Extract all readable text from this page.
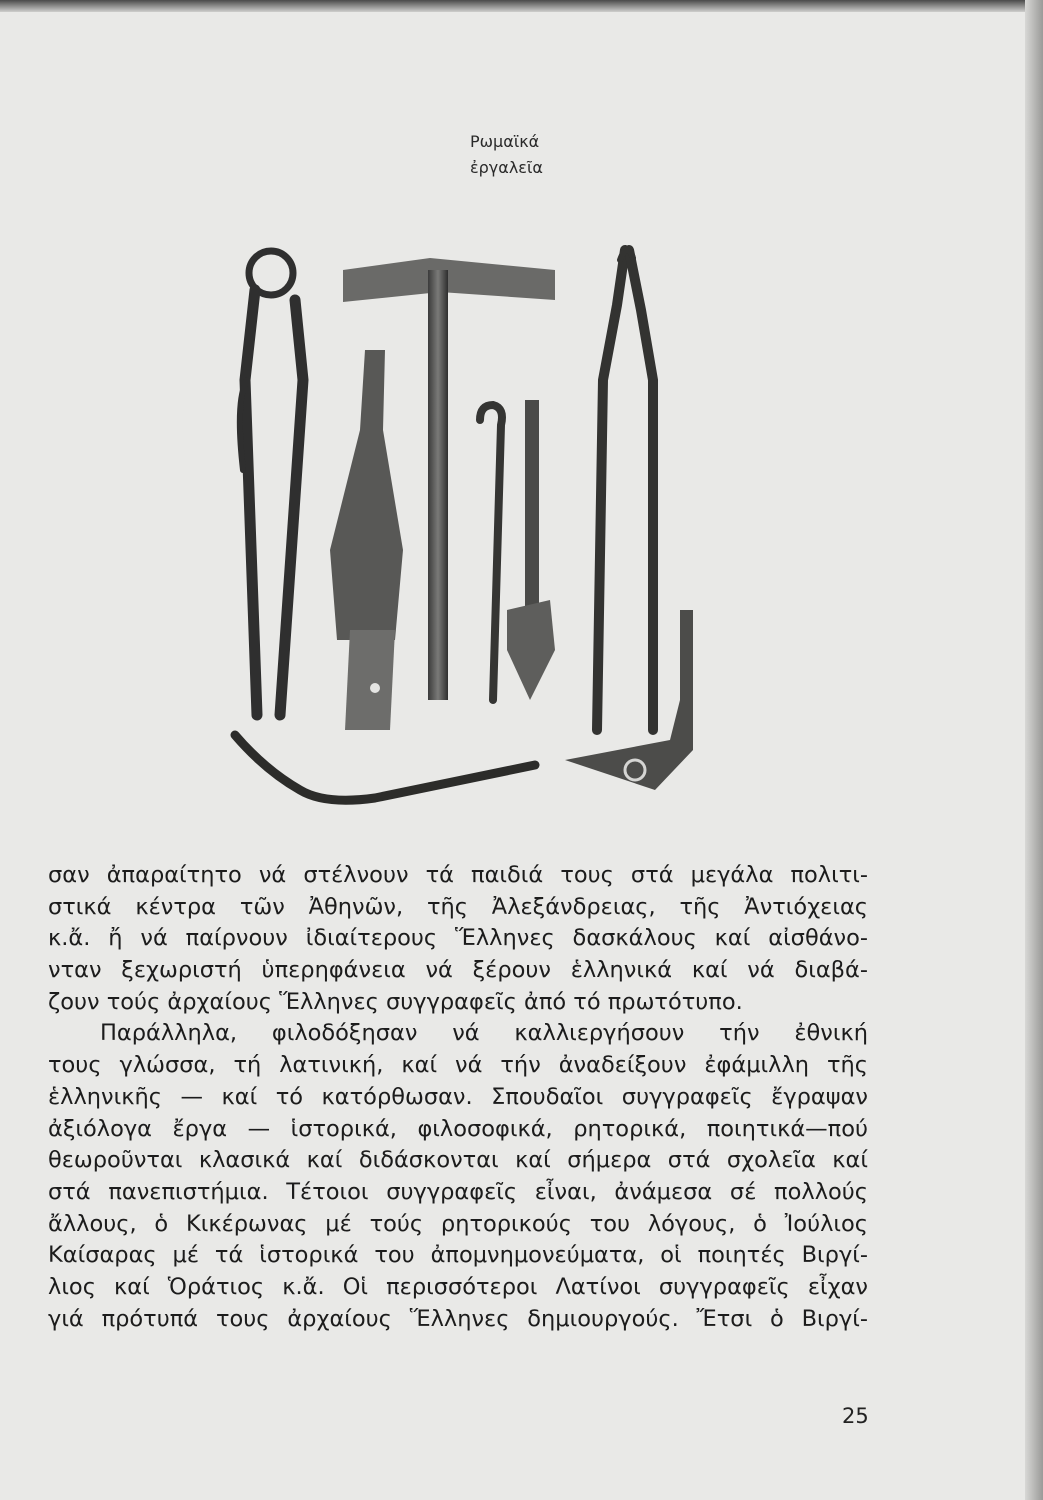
Ρωμαϊκά
ἐργαλεῖα
σαν ἀπαραίτητο νά στέλνουν τά παιδιά τους στά μεγάλα πολιτι-
στικά κέντρα τῶν Ἀθηνῶν, τῆς Ἀλεξάνδρειας, τῆς Ἀντιόχειας
κ.ἄ. ἤ νά παίρνουν ἰδιαίτερους Ἕλληνες δασκάλους καί αἰσθάνο-
νταν ξεχωριστή ὑπερηφάνεια νά ξέρουν ἑλληνικά καί νά διαβά-
ζουν τούς ἀρχαίους Ἕλληνες συγγραφεῖς ἀπό τό πρωτότυπο.
Παράλληλα, φιλοδόξησαν νά καλλιεργήσουν τήν ἐθνική
τους γλώσσα, τή λατινική, καί νά τήν ἀναδείξουν ἐφάμιλλη τῆς
ἑλληνικῆς — καί τό κατόρθωσαν. Σπουδαῖοι συγγραφεῖς ἔγραψαν
ἀξιόλογα ἔργα — ἱστορικά, φιλοσοφικά, ρητορικά, ποιητικά—πού
θεωροῦνται κλασικά καί διδάσκονται καί σήμερα στά σχολεῖα καί
στά πανεπιστήμια. Τέτοιοι συγγραφεῖς εἶναι, ἀνάμεσα σέ πολλούς
ἄλλους, ὁ Κικέρωνας μέ τούς ρητορικούς του λόγους, ὁ Ἰούλιος
Καίσαρας μέ τά ἱστορικά του ἀπομνημονεύματα, οἱ ποιητές Βιργί-
λιος καί Ὁράτιος κ.ἄ. Οἱ περισσότεροι Λατίνοι συγγραφεῖς εἶχαν
γιά πρότυπά τους ἀρχαίους Ἕλληνες δημιουργούς. Ἔτσι ὁ Βιργί-
25
